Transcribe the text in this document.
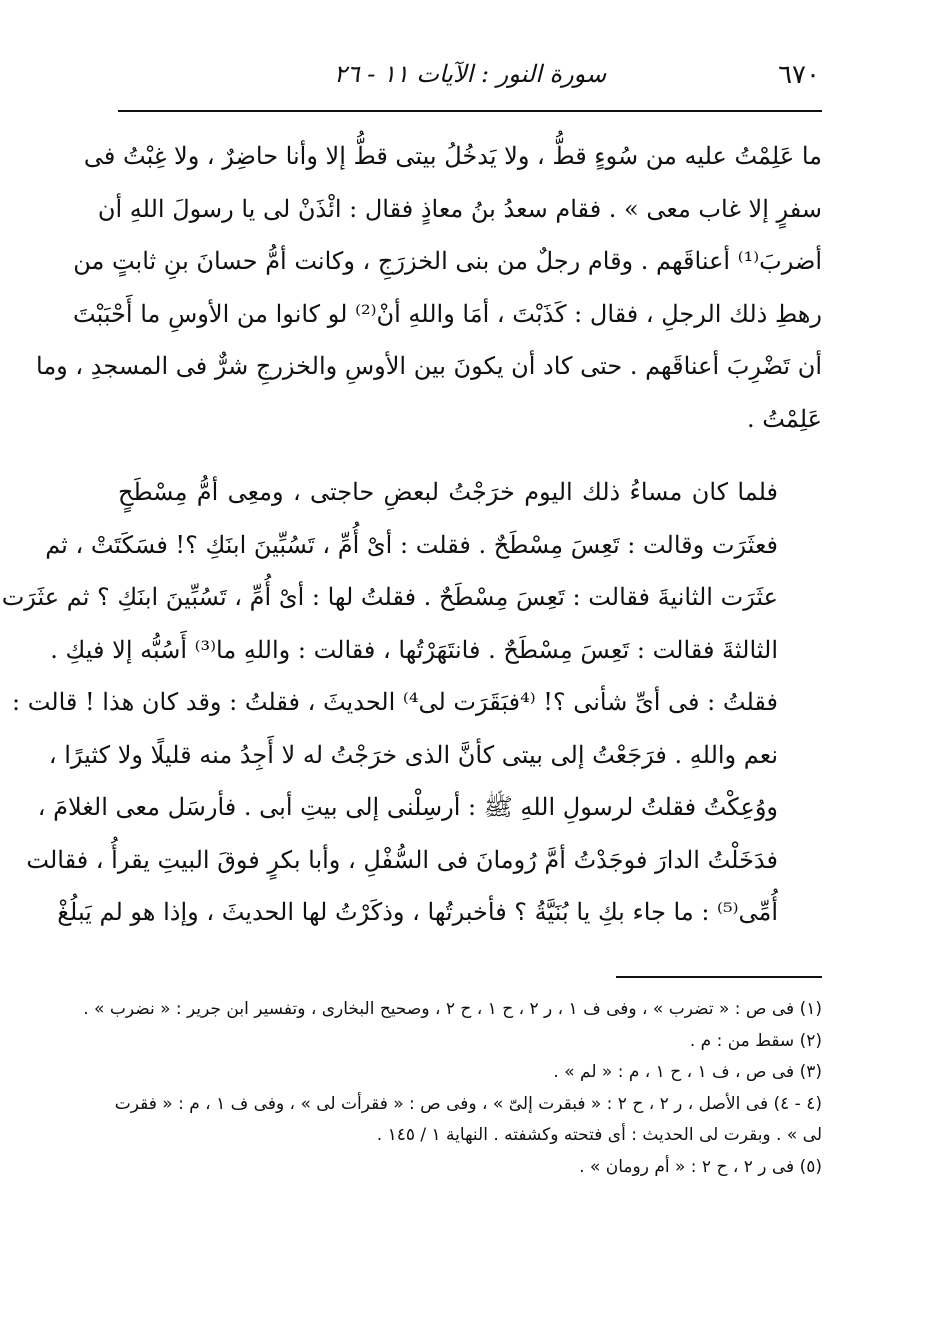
٦٧٠
سورة النور : الآيات ١١ - ٢٦
ما عَلِمْتُ عليه من سُوءٍ قطُّ ، ولا يَدخُلُ بيتى قطُّ إلا وأنا حاضِرٌ ، ولا غِبْتُ فى
سفرٍ إلا غاب معى » . فقام سعدُ بنُ معاذٍ فقال : ائْذَنْ لى يا رسولَ اللهِ أن
أضربَ⁽¹⁾ أعناقَهم . وقام رجلٌ من بنى الخزرَجِ ، وكانت أمُّ حسانَ بنِ ثابتٍ من
رهطِ ذلك الرجلِ ، فقال : كَذَبْتَ ، أمَا واللهِ أنْ⁽²⁾ لو كانوا من الأوسِ ما أَحْبَبْتَ
أن تَضْرِبَ أعناقَهم . حتى كاد أن يكونَ بين الأوسِ والخزرجِ شرٌّ فى المسجدِ ، وما
عَلِمْتُ .
فلما كان مساءُ ذلك اليوم خرَجْتُ لبعضِ حاجتى ، ومعِى أمُّ مِسْطَحٍ
فعثَرَت وقالت : تَعِسَ مِسْطَحٌ . فقلت : أىْ أُمِّ ، تَسُبِّينَ ابنَكِ ؟! فسَكَتَتْ ، ثم
عثَرَت الثانيةَ فقالت : تَعِسَ مِسْطَحٌ . فقلتُ لها : أىْ أُمِّ ، تَسُبِّينَ ابنَكِ ؟ ثم عثَرَت
الثالثةَ فقالت : تَعِسَ مِسْطَحٌ . فانتَهَرْتُها ، فقالت : واللهِ ما⁽³⁾ أَسُبُّه إلا فيكِ .
فقلتُ : فى أىِّ شأنى ؟! ⁽⁴فبَقَرَت لى⁴⁾ الحديثَ ، فقلتُ : وقد كان هذا ! قالت :
نعم واللهِ . فرَجَعْتُ إلى بيتى كأنَّ الذى خرَجْتُ له لا أَجِدُ منه قليلًا ولا كثيرًا ،
ووُعِكْتُ فقلتُ لرسولِ اللهِ ﷺ : أرسِلْنى إلى بيتِ أبى . فأرسَل معى الغلامَ ،
فدَخَلْتُ الدارَ فوجَدْتُ أمَّ رُومانَ فى السُّفْلِ ، وأبا بكرٍ فوقَ البيتِ يقرأُ ، فقالت
أُمِّى⁽⁵⁾ : ما جاء بكِ يا بُنَيَّةُ ؟ فأخبرتُها ، وذكَرْتُ لها الحديثَ ، وإذا هو لم يَبلُغْ

(١) فى ص : « تضرب » ، وفى ف ١ ، ر ٢ ، ح ١ ، ح ٢ ، وصحيح البخارى ، وتفسير ابن جرير : « نضرب » .

(٢) سقط من : م .

(٣) فى ص ، ف ١ ، ح ١ ، م : « لم » .

(٤ - ٤) فى الأصل ، ر ٢ ، ح ٢ : « فبقرت إلىّ » ، وفى ص : « فقرأت لى » ، وفى ف ١ ، م : « فقرت

لى » . وبقرت لى الحديث : أى فتحته وكشفته . النهاية ١ / ١٤٥ .

(٥) فى ر ٢ ، ح ٢ : « أم رومان » .
